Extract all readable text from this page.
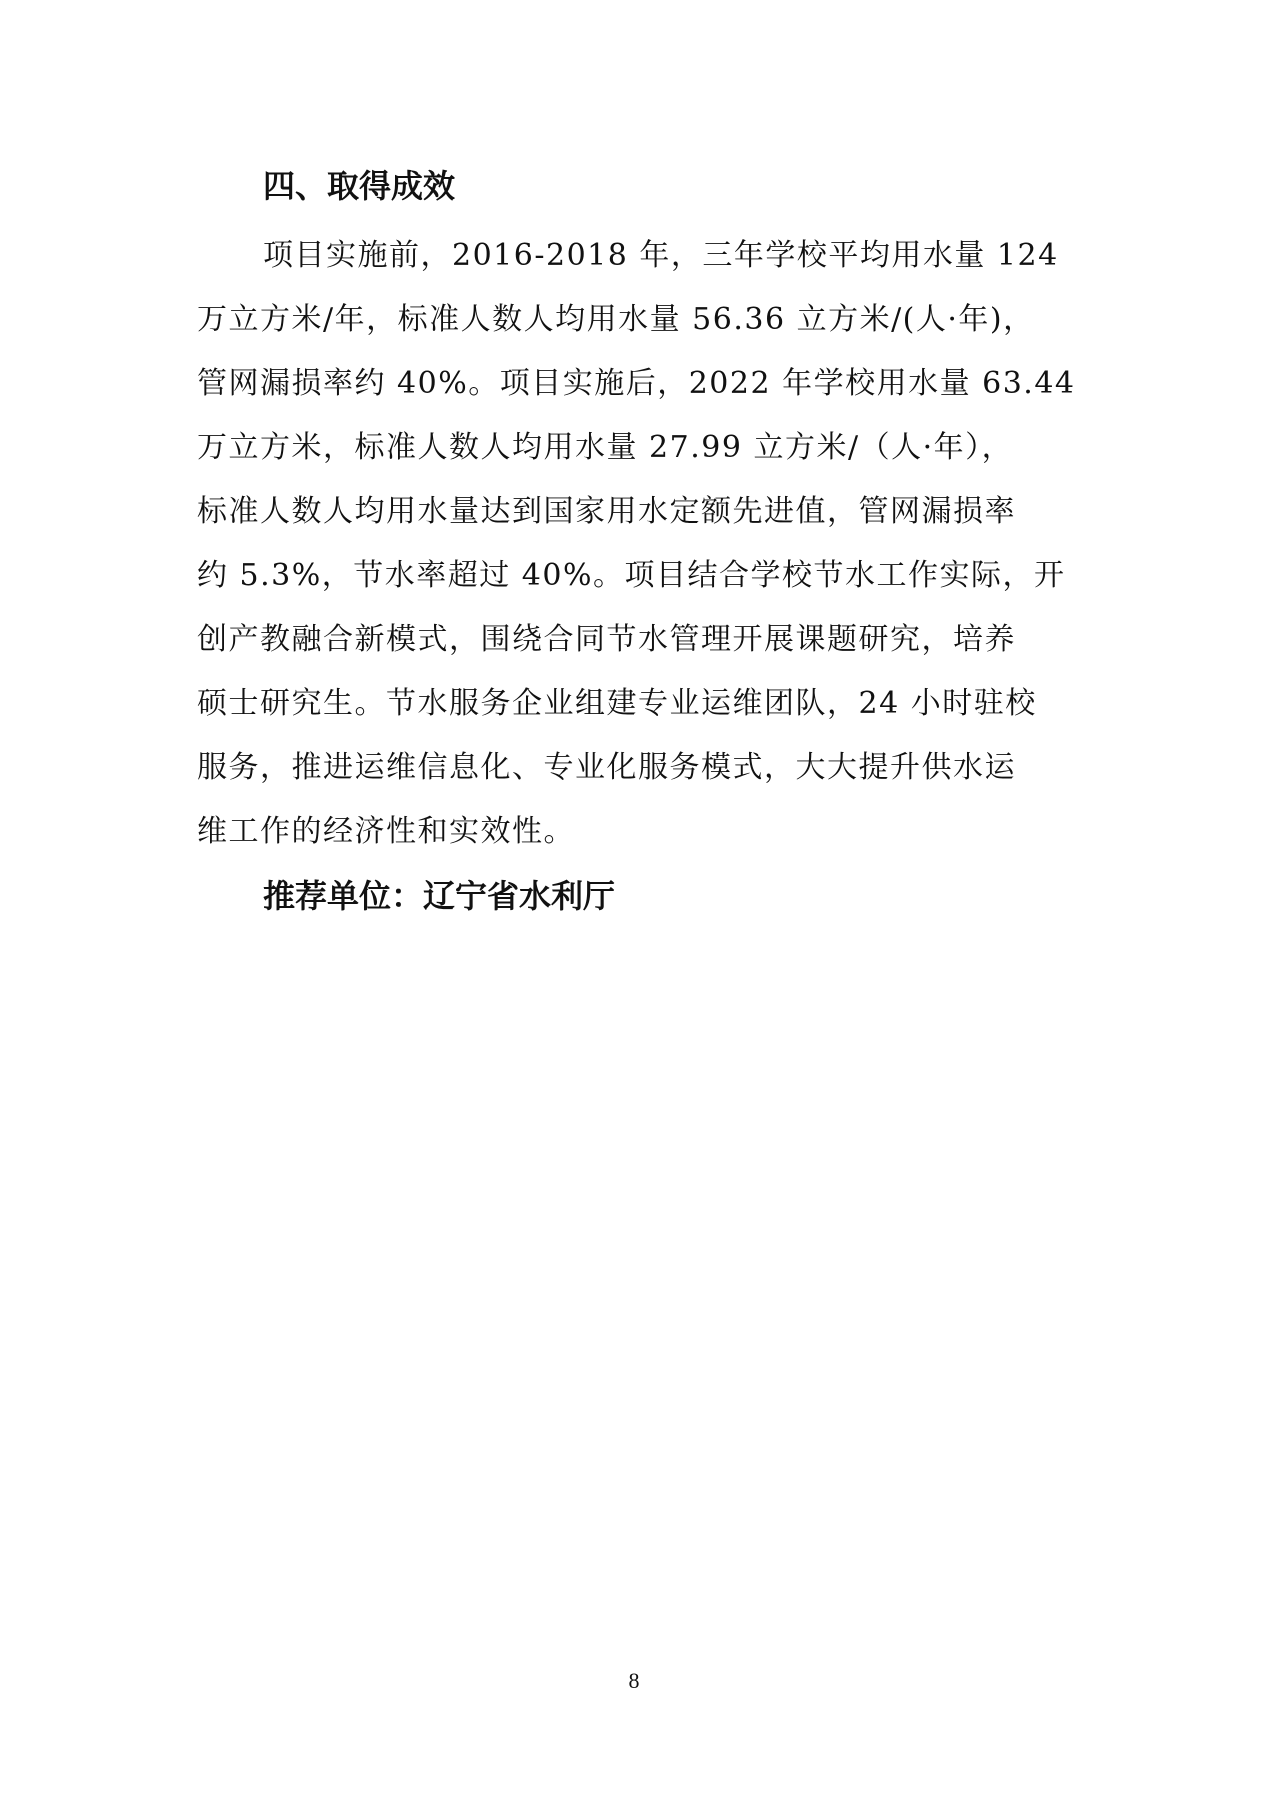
四、取得成效
项目实施前，2016-2018 年，三年学校平均用水量 124
万立方米/年，标准人数人均用水量 56.36 立方米/(人·年)，
管网漏损率约 40%。项目实施后，2022 年学校用水量 63.44
万立方米，标准人数人均用水量 27.99 立方米/（人·年），
标准人数人均用水量达到国家用水定额先进值，管网漏损率
约 5.3%，节水率超过 40%。项目结合学校节水工作实际，开
创产教融合新模式，围绕合同节水管理开展课题研究，培养
硕士研究生。节水服务企业组建专业运维团队，24 小时驻校
服务，推进运维信息化、专业化服务模式，大大提升供水运
维工作的经济性和实效性。
推荐单位：辽宁省水利厅
8
